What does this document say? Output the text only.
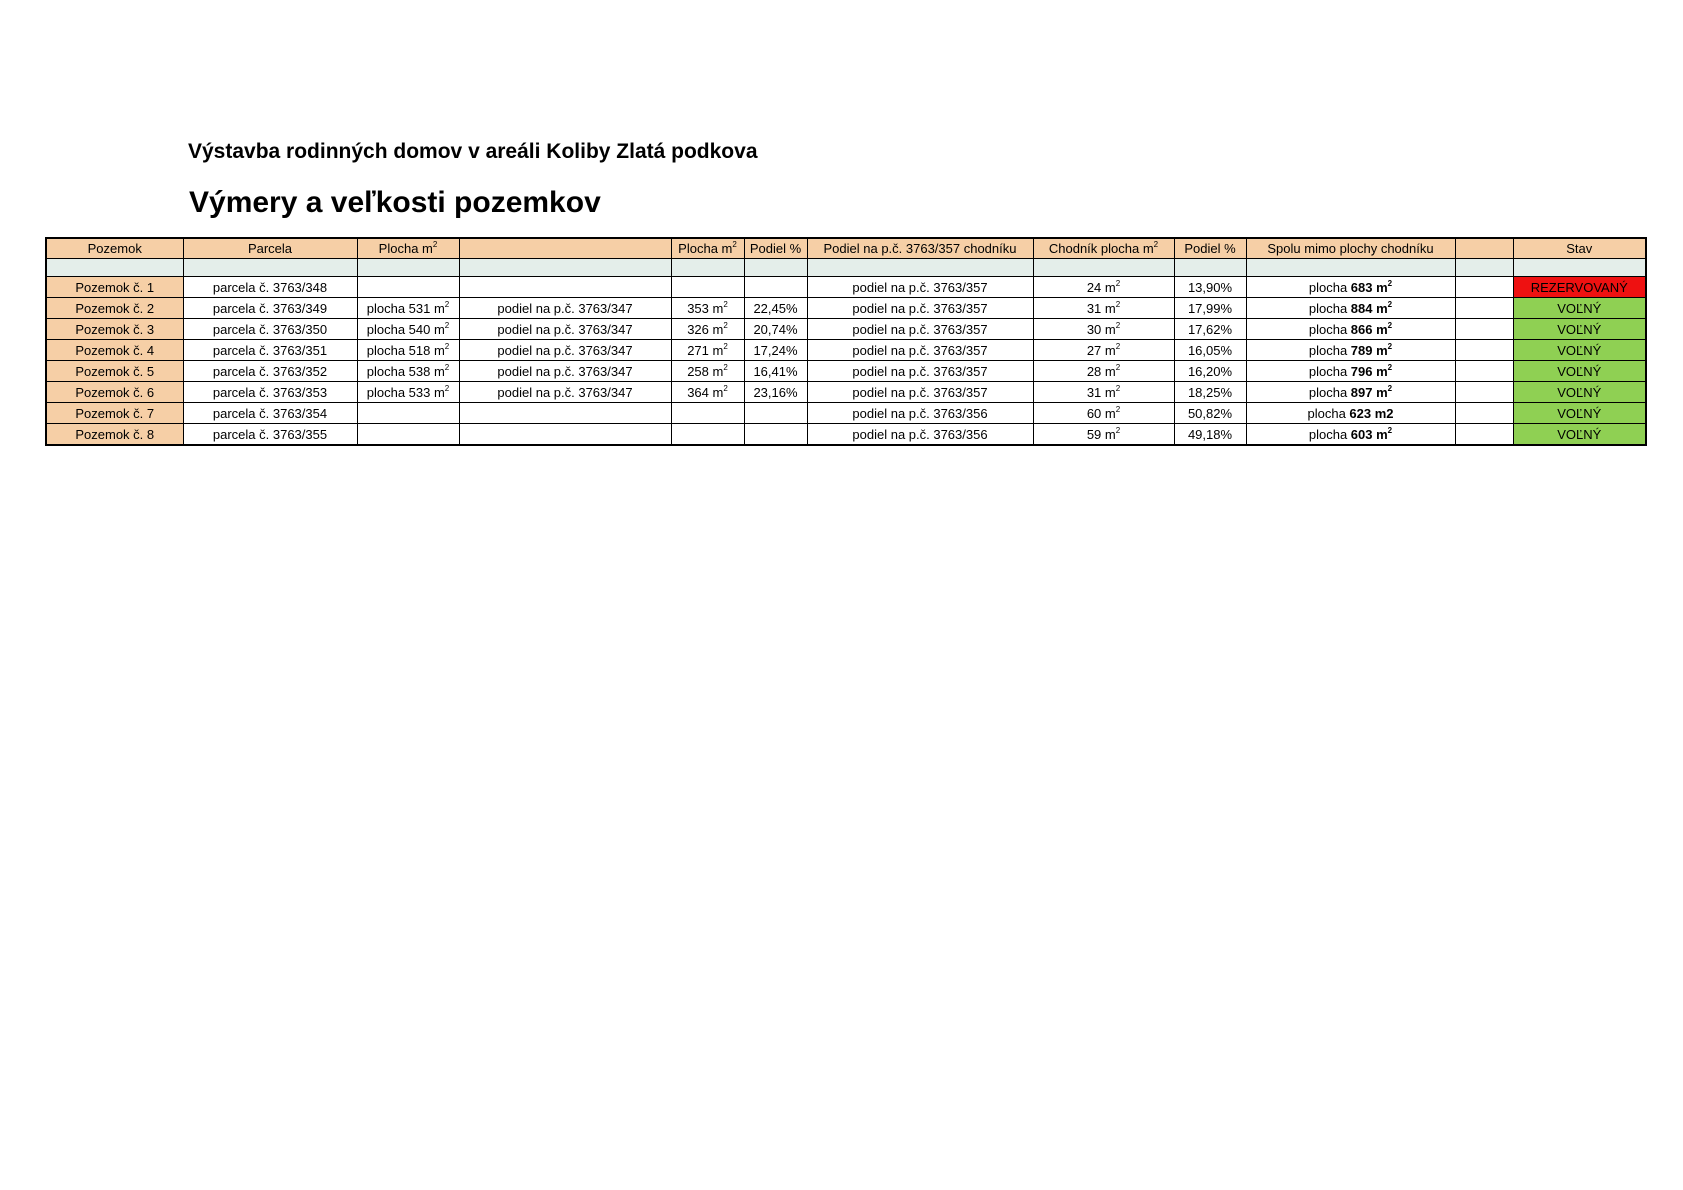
Výstavba rodinných domov v areáli Koliby Zlatá podkova
Výmery a veľkosti pozemkov
Pozemok	Parcela	Plocha $m^2$		Plocha $m^2$	Podiel %	Podiel na p.č. 3763/357 chodníku	Chodník plocha $m^2$	Podiel %	Spolu mimo plochy chodníku		Stav

Pozemok č. 1	parcela č. 3763/348					podiel na p.č. 3763/357	24 $m^2$	13,90%	plocha 683 $m^2$		REZERVOVANÝ
Pozemok č. 2	parcela č. 3763/349	plocha 531 $m^2$	podiel na p.č. 3763/347	353 $m^2$	22,45%	podiel na p.č. 3763/357	31 $m^2$	17,99%	plocha 884 $m^2$		VOĽNÝ
Pozemok č. 3	parcela č. 3763/350	plocha 540 $m^2$	podiel na p.č. 3763/347	326 $m^2$	20,74%	podiel na p.č. 3763/357	30 $m^2$	17,62%	plocha 866 $m^2$		VOĽNÝ
Pozemok č. 4	parcela č. 3763/351	plocha 518 $m^2$	podiel na p.č. 3763/347	271 $m^2$	17,24%	podiel na p.č. 3763/357	27 $m^2$	16,05%	plocha 789 $m^2$		VOĽNÝ
Pozemok č. 5	parcela č. 3763/352	plocha 538 $m^2$	podiel na p.č. 3763/347	258 $m^2$	16,41%	podiel na p.č. 3763/357	28 $m^2$	16,20%	plocha 796 $m^2$		VOĽNÝ
Pozemok č. 6	parcela č. 3763/353	plocha 533 $m^2$	podiel na p.č. 3763/347	364 $m^2$	23,16%	podiel na p.č. 3763/357	31 $m^2$	18,25%	plocha 897 $m^2$		VOĽNÝ
Pozemok č. 7	parcela č. 3763/354					podiel na p.č. 3763/356	60 $m^2$	50,82%	plocha 623 m2		VOĽNÝ
Pozemok č. 8	parcela č. 3763/355					podiel na p.č. 3763/356	59 $m^2$	49,18%	plocha 603 $m^2$		VOĽNÝ
